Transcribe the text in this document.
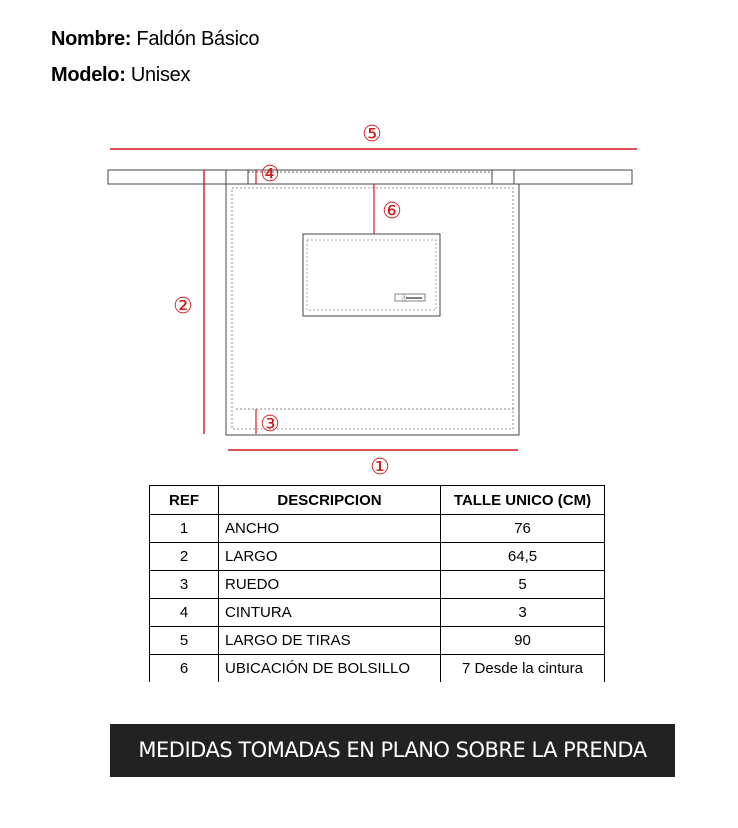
Nombre: Faldón Básico
Modelo: Unisex
Ⓐ
①
②
③
④
⑤
⑥
REF	DESCRIPCION	TALLE UNICO (CM)
1	ANCHO	76
2	LARGO	64,5
3	RUEDO	5
4	CINTURA	3
5	LARGO DE TIRAS	90
6	UBICACIÓN DE BOLSILLO	7 Desde la cintura
MEDIDAS TOMADAS EN PLANO SOBRE LA PRENDA
